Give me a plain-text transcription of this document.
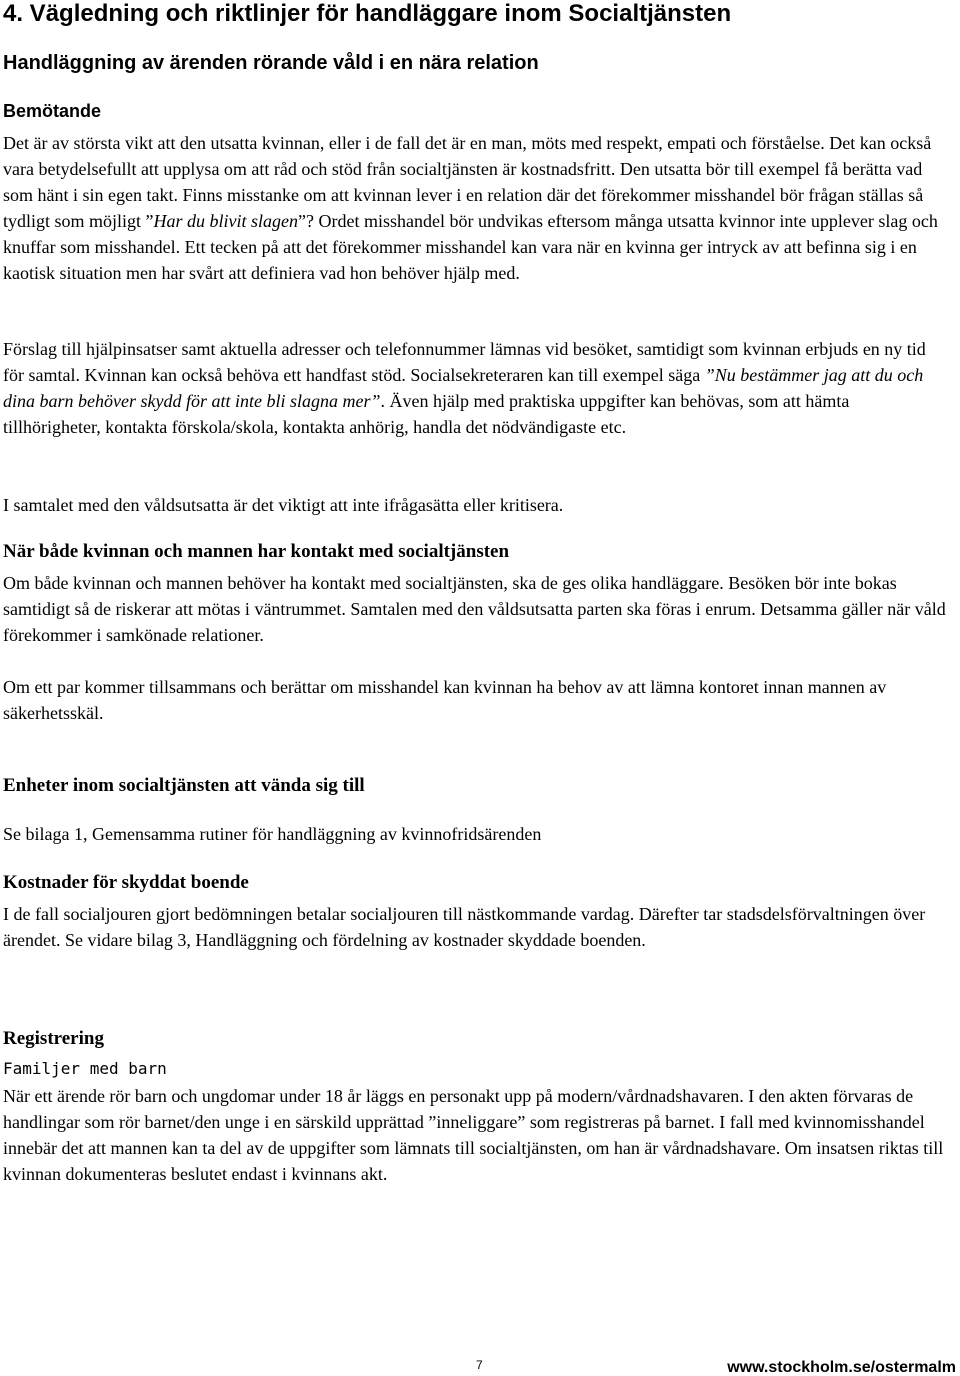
4. Vägledning och riktlinjer för handläggare inom Socialtjänsten
Handläggning av ärenden rörande våld i en nära relation
Bemötande

Det är av största vikt att den utsatta kvinnan, eller i de fall det är en man, möts med respekt, empati och förståelse. Det kan också vara betydelsefullt att upplysa om att råd och stöd från socialtjänsten är kostnadsfritt. Den utsatta bör till exempel få berätta vad som hänt i sin egen takt. Finns misstanke om att kvinnan lever i en relation där det förekommer misshandel bör frågan ställas så tydligt som möjligt ”Har du blivit slagen”? Ordet misshandel bör undvikas eftersom många utsatta kvinnor inte upplever slag och knuffar som misshandel. Ett tecken på att det förekommer misshandel kan vara när en kvinna ger intryck av att befinna sig i en kaotisk situation men har svårt att definiera vad hon behöver hjälp med.

Förslag till hjälpinsatser samt aktuella adresser och telefonnummer lämnas vid besöket, samtidigt som kvinnan erbjuds en ny tid för samtal. Kvinnan kan också behöva ett handfast stöd. Socialsekreteraren kan till exempel säga ”Nu bestämmer jag att du och dina barn behöver skydd för att inte bli slagna mer”. Även hjälp med praktiska uppgifter kan behövas, som att hämta tillhörigheter, kontakta förskola/skola, kontakta anhörig, handla det nödvändigaste etc.

I samtalet med den våldsutsatta är det viktigt att inte ifrågasätta eller kritisera.

När både kvinnan och mannen har kontakt med socialtjänsten

Om både kvinnan och mannen behöver ha kontakt med socialtjänsten, ska de ges olika handläggare. Besöken bör inte bokas samtidigt så de riskerar att mötas i väntrummet. Samtalen med den våldsutsatta parten ska föras i enrum. Detsamma gäller när våld förekommer i samkönade relationer.

Om ett par kommer tillsammans och berättar om misshandel kan kvinnan ha behov av att lämna kontoret innan mannen av säkerhetsskäl.

Enheter inom socialtjänsten att vända sig till

Se bilaga 1, Gemensamma rutiner för handläggning av kvinnofridsärenden

Kostnader för skyddat boende

I de fall socialjouren gjort bedömningen betalar socialjouren till nästkommande vardag. Därefter tar stadsdelsförvaltningen över ärendet. Se vidare bilag 3, Handläggning och fördelning av kostnader skyddade boenden.

Registrering

Familjer med barn

När ett ärende rör barn och ungdomar under 18 år läggs en personakt upp på modern/vårdnadshavaren. I den akten förvaras de handlingar som rör barnet/den unge i en särskild upprättad ”inneliggare” som registreras på barnet. I fall med kvinnomisshandel innebär det att mannen kan ta del av de uppgifter som lämnats till socialtjänsten, om han är vårdnadshavare. Om insatsen riktas till kvinnan dokumenteras beslutet endast i kvinnans akt.

7	www.stockholm.se/ostermalm
